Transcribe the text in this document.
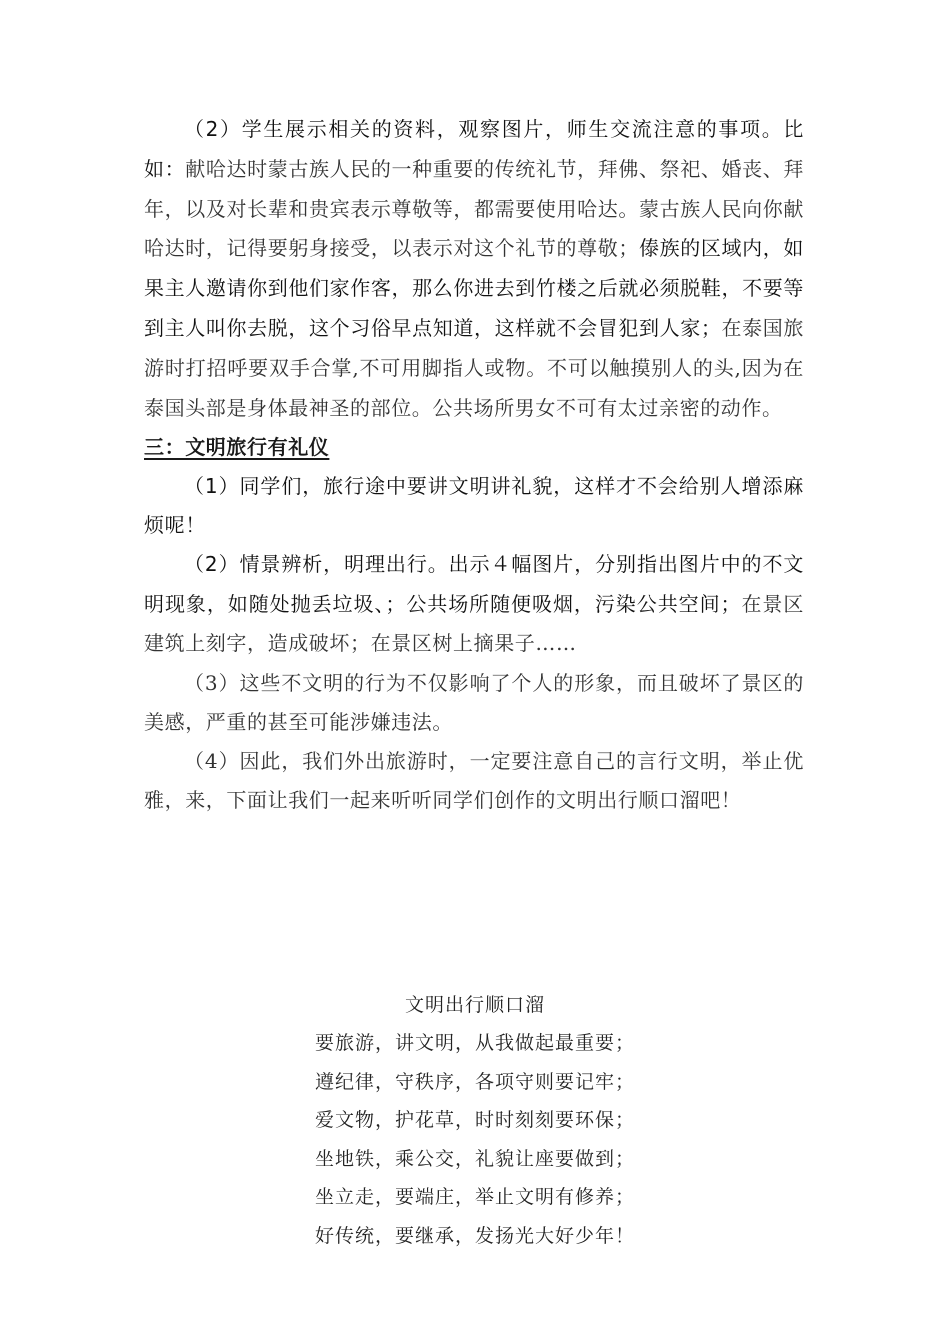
（2）学生展示相关的资料，观察图片，师生交流注意的事项。比如：献哈达时蒙古族人民的一种重要的传统礼节，拜佛、祭祀、婚丧、拜年，以及对长辈和贵宾表示尊敬等，都需要使用哈达。蒙古族人民向你献哈达时，记得要躬身接受，以表示对这个礼节的尊敬；傣族的区域内，如果主人邀请你到他们家作客，那么你进去到竹楼之后就必须脱鞋，不要等到主人叫你去脱，这个习俗早点知道，这样就不会冒犯到人家；在泰国旅游时打招呼要双手合掌,不可用脚指人或物。不可以触摸别人的头,因为在泰国头部是身体最神圣的部位。公共场所男女不可有太过亲密的动作。

三：文明旅行有礼仪

（1）同学们，旅行途中要讲文明讲礼貌，这样才不会给别人增添麻烦呢！

（2）情景辨析，明理出行。出示４幅图片，分别指出图片中的不文明现象，如随处抛丢垃圾、；公共场所随便吸烟，污染公共空间；在景区建筑上刻字，造成破坏；在景区树上摘果子……

（3）这些不文明的行为不仅影响了个人的形象，而且破坏了景区的美感，严重的甚至可能涉嫌违法。

（4）因此，我们外出旅游时，一定要注意自己的言行文明，举止优雅，来，下面让我们一起来听听同学们创作的文明出行顺口溜吧！

文明出行顺口溜

要旅游，讲文明，从我做起最重要；

遵纪律，守秩序，各项守则要记牢；

爱文物，护花草，时时刻刻要环保；

坐地铁，乘公交，礼貌让座要做到；

坐立走，要端庄，举止文明有修养；

好传统，要继承，发扬光大好少年！
